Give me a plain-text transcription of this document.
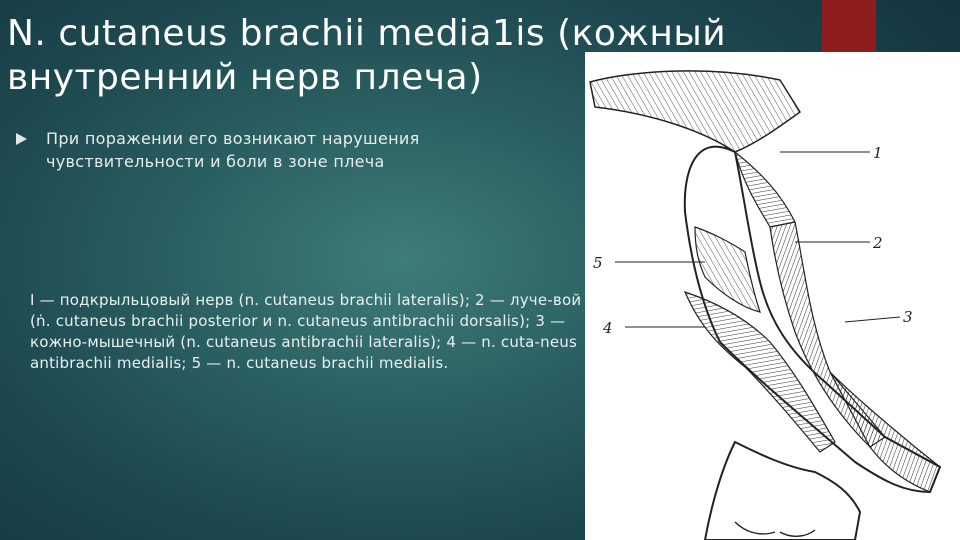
N. cutaneus brachii media1is (кожный внутренний нерв плеча)
При поражении его возникают нарушения чувствительности и боли в зоне плеча
I — подкрыльцовый нерв (n. cutaneus brachii lateralis); 2 — луче-вой (ṅ. cutaneus brachii posterior и n. cutaneus antibrachii dorsalis); 3 — кожно-мышечный (n. cutaneus antibrachii lateralis); 4 — n. cuta-neus antibrachii medialis; 5 — n. cutaneus brachii medialis.
1
2
3
4
5
